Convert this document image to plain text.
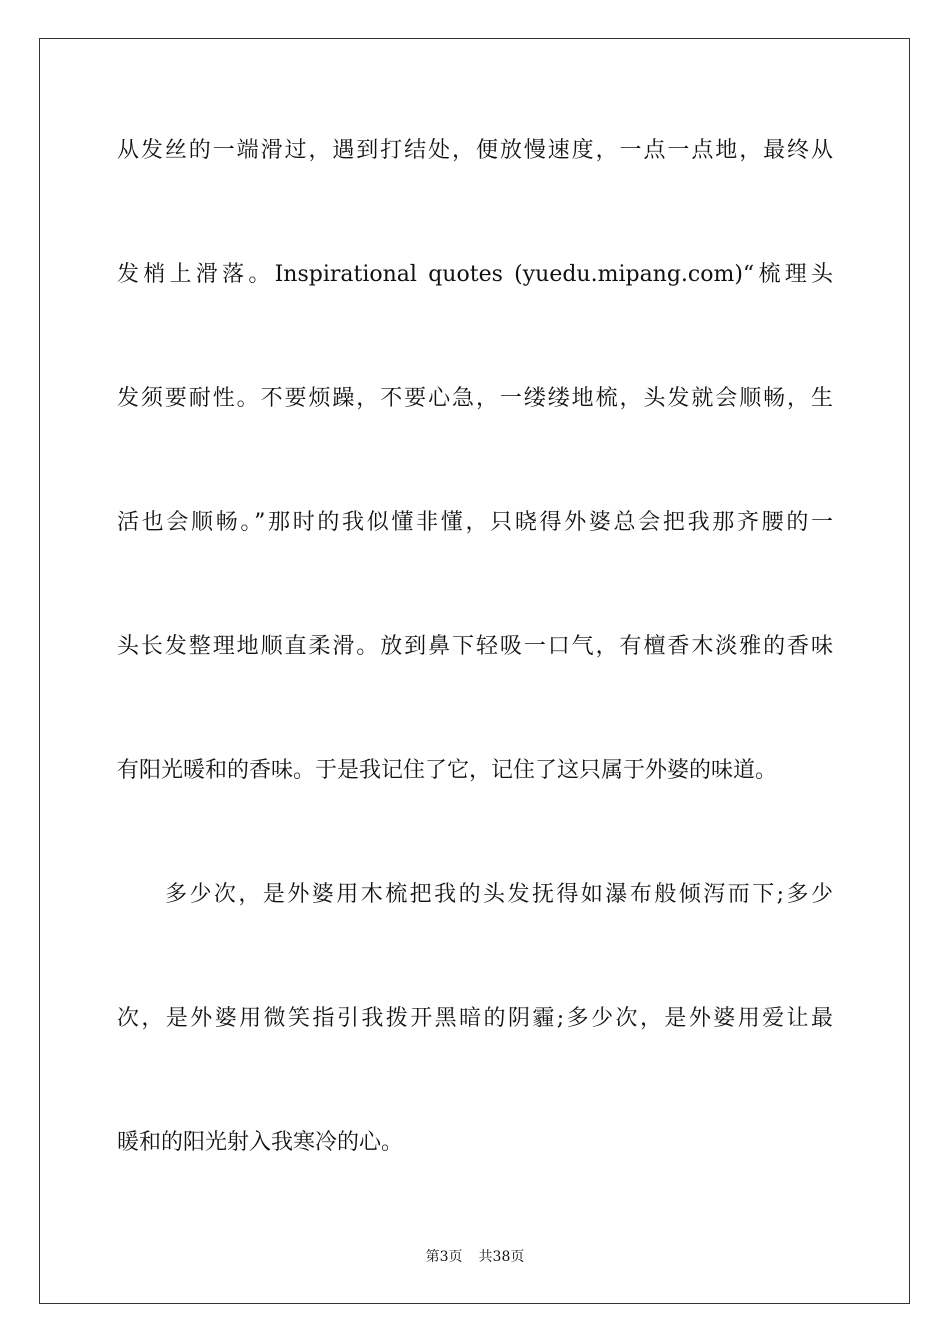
从发丝的一端滑过，遇到打结处，便放慢速度，一点一点地，最终从
发梢上滑落。Inspirational quotes (yuedu.mipang.com)“梳理头
发须要耐性。不要烦躁，不要心急，一缕缕地梳，头发就会顺畅，生
活也会顺畅。”那时的我似懂非懂，只晓得外婆总会把我那齐腰的一
头长发整理地顺直柔滑。放到鼻下轻吸一口气，有檀香木淡雅的香味
有阳光暖和的香味。于是我记住了它，记住了这只属于外婆的味道。
多少次，是外婆用木梳把我的头发抚得如瀑布般倾泻而下;多少
次，是外婆用微笑指引我拨开黑暗的阴霾;多少次，是外婆用爱让最
暖和的阳光射入我寒冷的心。
第3页 共38页
